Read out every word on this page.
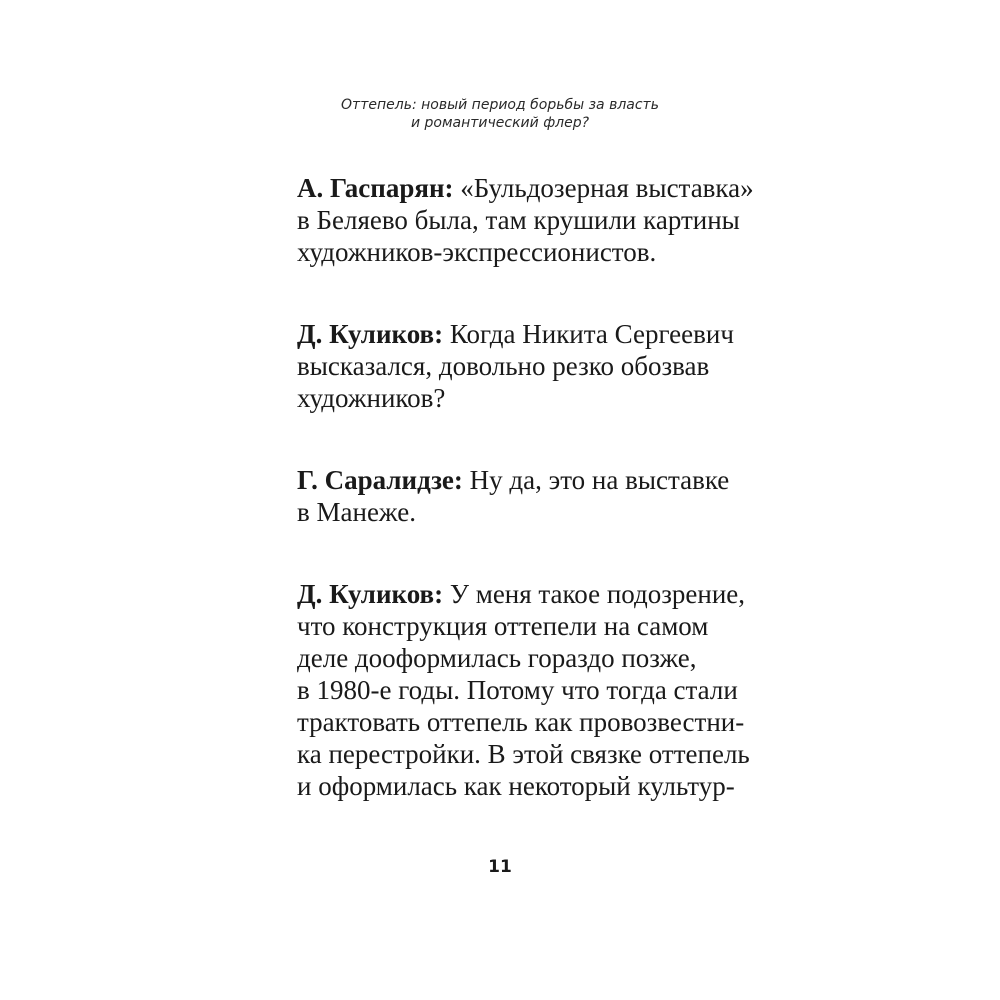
Оттепель: новый период борьбы за власть
и романтический флер?

А. Гаспарян: «Бульдозерная выставка»
в Беляево была, там крушили картины
художников-экспрессионистов.

Д. Куликов: Когда Никита Сергеевич
высказался, довольно резко обозвав
художников?

Г. Саралидзе: Ну да, это на выставке
в Манеже.

Д. Куликов: У меня такое подозрение,
что конструкция оттепели на самом
деле дооформилась гораздо позже,
в 1980-е годы. Потому что тогда стали
трактовать оттепель как провозвестни-
ка перестройки. В этой связке оттепель
и оформилась как некоторый культур-

11
